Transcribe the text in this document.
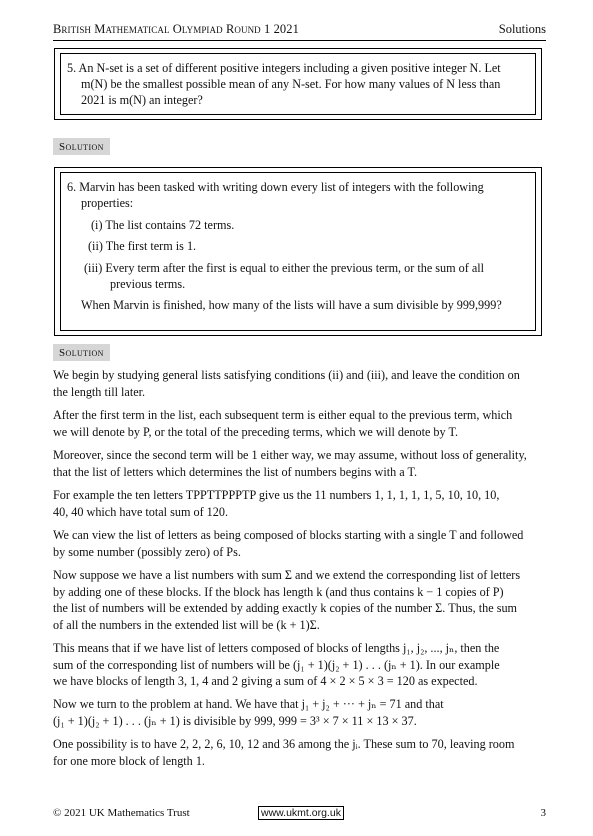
British Mathematical Olympiad Round 1 2021	Solutions
5. An N-set is a set of different positive integers including a given positive integer N. Let
m(N) be the smallest possible mean of any N-set. For how many values of N less than
2021 is m(N) an integer?
Solution
6. Marvin has been tasked with writing down every list of integers with the following
properties:
(i) The list contains 72 terms.
(ii) The first term is 1.
(iii) Every term after the first is equal to either the previous term, or the sum of all
previous terms.
When Marvin is finished, how many of the lists will have a sum divisible by 999,999?
Solution
We begin by studying general lists satisfying conditions (ii) and (iii), and leave the condition on
the length till later.
After the first term in the list, each subsequent term is either equal to the previous term, which
we will denote by P, or the total of the preceding terms, which we will denote by T.
Moreover, since the second term will be 1 either way, we may assume, without loss of generality,
that the list of letters which determines the list of numbers begins with a T.
For example the ten letters TPPTTPPPTP give us the 11 numbers 1, 1, 1, 1, 1, 5, 10, 10, 10,
40, 40 which have total sum of 120.
We can view the list of letters as being composed of blocks starting with a single T and followed
by some number (possibly zero) of Ps.
Now suppose we have a list numbers with sum Σ and we extend the corresponding list of letters
by adding one of these blocks. If the block has length k (and thus contains k − 1 copies of P)
the list of numbers will be extended by adding exactly k copies of the number Σ. Thus, the sum
of all the numbers in the extended list will be (k + 1)Σ.
This means that if we have list of letters composed of blocks of lengths j₁, j₂, ..., jₙ, then the
sum of the corresponding list of numbers will be (j₁ + 1)(j₂ + 1) . . . (jₙ + 1). In our example
we have blocks of length 3, 1, 4 and 2 giving a sum of 4 × 2 × 5 × 3 = 120 as expected.
Now we turn to the problem at hand. We have that j₁ + j₂ + ··· + jₙ = 71 and that
(j₁ + 1)(j₂ + 1) . . . (jₙ + 1) is divisible by 999, 999 = 3³ × 7 × 11 × 13 × 37.
One possibility is to have 2, 2, 2, 6, 10, 12 and 36 among the jᵢ. These sum to 70, leaving room
for one more block of length 1.
© 2021 UK Mathematics Trust	www.ukmt.org.uk	3
